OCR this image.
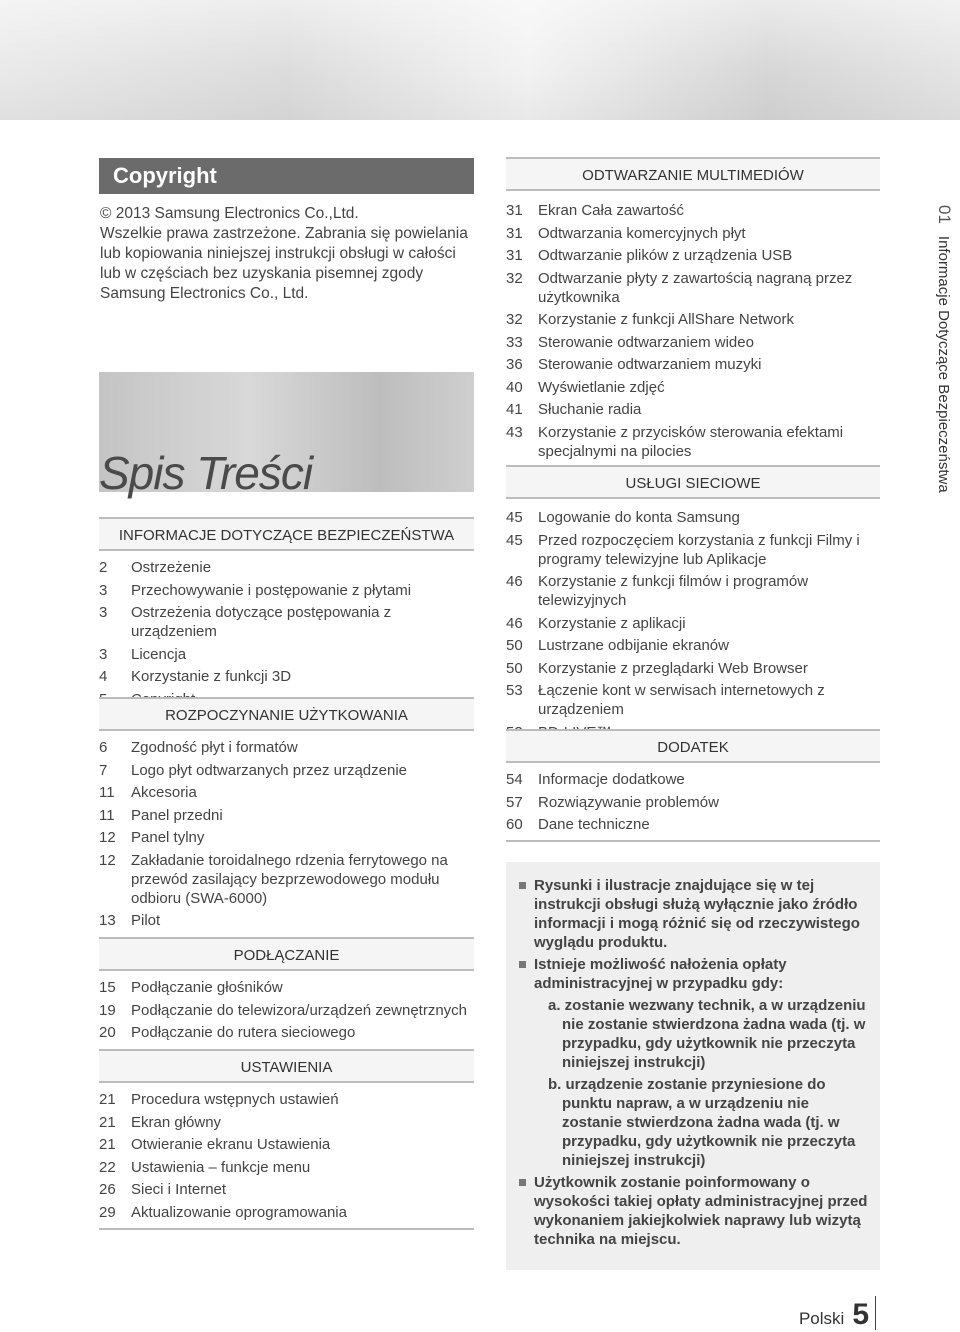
Copyright

© 2013 Samsung Electronics Co.,Ltd.

Wszelkie prawa zastrzeżone. Zabrania się powielania lub kopiowania niniejszej instrukcji obsługi w całości lub w częściach bez uzyskania pisemnej zgody Samsung Electronics Co., Ltd.

Spis Treści
INFORMACJE DOTYCZĄCE BEZPIECZEŃSTWA
2	Ostrzeżenie
3	Przechowywanie i postępowanie z płytami
3	Ostrzeżenia dotyczące postępowania z urządzeniem
3	Licencja
4	Korzystanie z funkcji 3D
ROZPOCZYNANIE UŻYTKOWANIA
6	Zgodność płyt i formatów
7	Logo płyt odtwarzanych przez urządzenie
11	Akcesoria
11	Panel przedni
12	Panel tylny
12	Zakładanie toroidalnego rdzenia ferrytowego na przewód zasilający bezprzewodowego modułu odbioru (SWA-6000)
13	Pilot
PODŁĄCZANIE
15	Podłączanie głośników
19	Podłączanie do telewizora/urządzeń zewnętrznych
20	Podłączanie do rutera sieciowego
USTAWIENIA
21	Procedura wstępnych ustawień
21	Ekran główny
21	Otwieranie ekranu Ustawienia
22	Ustawienia – funkcje menu
26	Sieci i Internet
29	Aktualizowanie oprogramowania
ODTWARZANIE MULTIMEDIÓW
31	Ekran Cała zawartość
31	Odtwarzania komercyjnych płyt
31	Odtwarzanie plików z urządzenia USB
32	Odtwarzanie płyty z zawartością nagraną przez użytkownika
32	Korzystanie z funkcji AllShare Network
33	Sterowanie odtwarzaniem wideo
36	Sterowanie odtwarzaniem muzyki
40	Wyświetlanie zdjęć
41	Słuchanie radia
43	Korzystanie z przycisków sterowania efektami specjalnymi na pilocies
USŁUGI SIECIOWE
45	Logowanie do konta Samsung
45	Przed rozpoczęciem korzystania z funkcji Filmy i programy telewizyjne lub Aplikacje
46	Korzystanie z funkcji filmów i programów telewizyjnych
46	Korzystanie z aplikacji
50	Lustrzane odbijanie ekranów
50	Korzystanie z przeglądarki Web Browser
53	Łączenie kont w serwisach internetowych z urządzeniem
DODATEK
54	Informacje dodatkowe
57	Rozwiązywanie problemów
60	Dane techniczne
Rysunki i ilustracje znajdujące się w tej instrukcji obsługi służą wyłącznie jako źródło informacji i mogą różnić się od rzeczywistego wyglądu produktu.
Istnieje możliwość nałożenia opłaty administracyjnej w przypadku gdy:
a. zostanie wezwany technik, a w urządzeniu nie zostanie stwierdzona żadna wada (tj. w przypadku, gdy użytkownik nie przeczyta niniejszej instrukcji)
b. urządzenie zostanie przyniesione do punktu napraw, a w urządzeniu nie zostanie stwierdzona żadna wada (tj. w przypadku, gdy użytkownik nie przeczyta niniejszej instrukcji)
Użytkownik zostanie poinformowany o wysokości takiej opłaty administracyjnej przed wykonaniem jakiejkolwiek naprawy lub wizytą technika na miejscu.
01Informacje Dotyczące Bezpieczeństwa
Polski 5
